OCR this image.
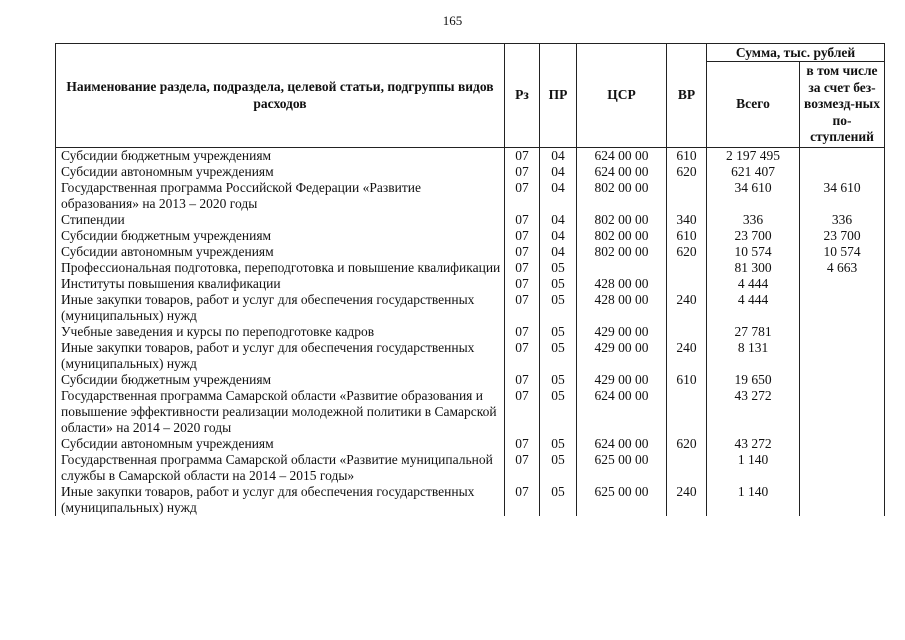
165
Наименование раздела, подраздела, целевой статьи, подгруппы видов расходов	Рз	ПР	ЦСР	ВР	Сумма, тыс. рублей	
					Всего	в том числе за счет без-возмезд-ных по-ступлений
Субсидии бюджетным учреждениям	07	04	624 00 00	610	2 197 495	
Субсидии автономным учреждениям	07	04	624 00 00	620	621 407	
Государственная программа Российской Федерации «Развитие образования» на 2013 – 2020 годы	07	04	802 00 00		34 610	34 610
Стипендии	07	04	802 00 00	340	336	336
Субсидии бюджетным учреждениям	07	04	802 00 00	610	23 700	23 700
Субсидии автономным учреждениям	07	04	802 00 00	620	10 574	10 574
Профессиональная подготовка, переподготовка и повышение квалификации	07	05			81 300	4 663
Институты повышения квалификации	07	05	428 00 00		4 444	
Иные закупки товаров, работ и услуг для обеспечения государственных (муниципальных) нужд	07	05	428 00 00	240	4 444	
Учебные заведения и курсы по переподготовке кадров	07	05	429 00 00		27 781	
Иные закупки товаров, работ и услуг для обеспечения государственных (муниципальных) нужд	07	05	429 00 00	240	8 131	
Субсидии бюджетным учреждениям	07	05	429 00 00	610	19 650	
Государственная программа Самарской области «Развитие образования и повышение эффективности реализации молодежной политики в Самарской области» на 2014 – 2020 годы	07	05	624 00 00		43 272	
Субсидии автономным учреждениям	07	05	624 00 00	620	43 272	
Государственная программа Самарской области «Развитие муниципальной службы в Самарской области на 2014 – 2015 годы»	07	05	625 00 00		1 140	
Иные закупки товаров, работ и услуг для обеспечения государственных (муниципальных) нужд	07	05	625 00 00	240	1 140	
